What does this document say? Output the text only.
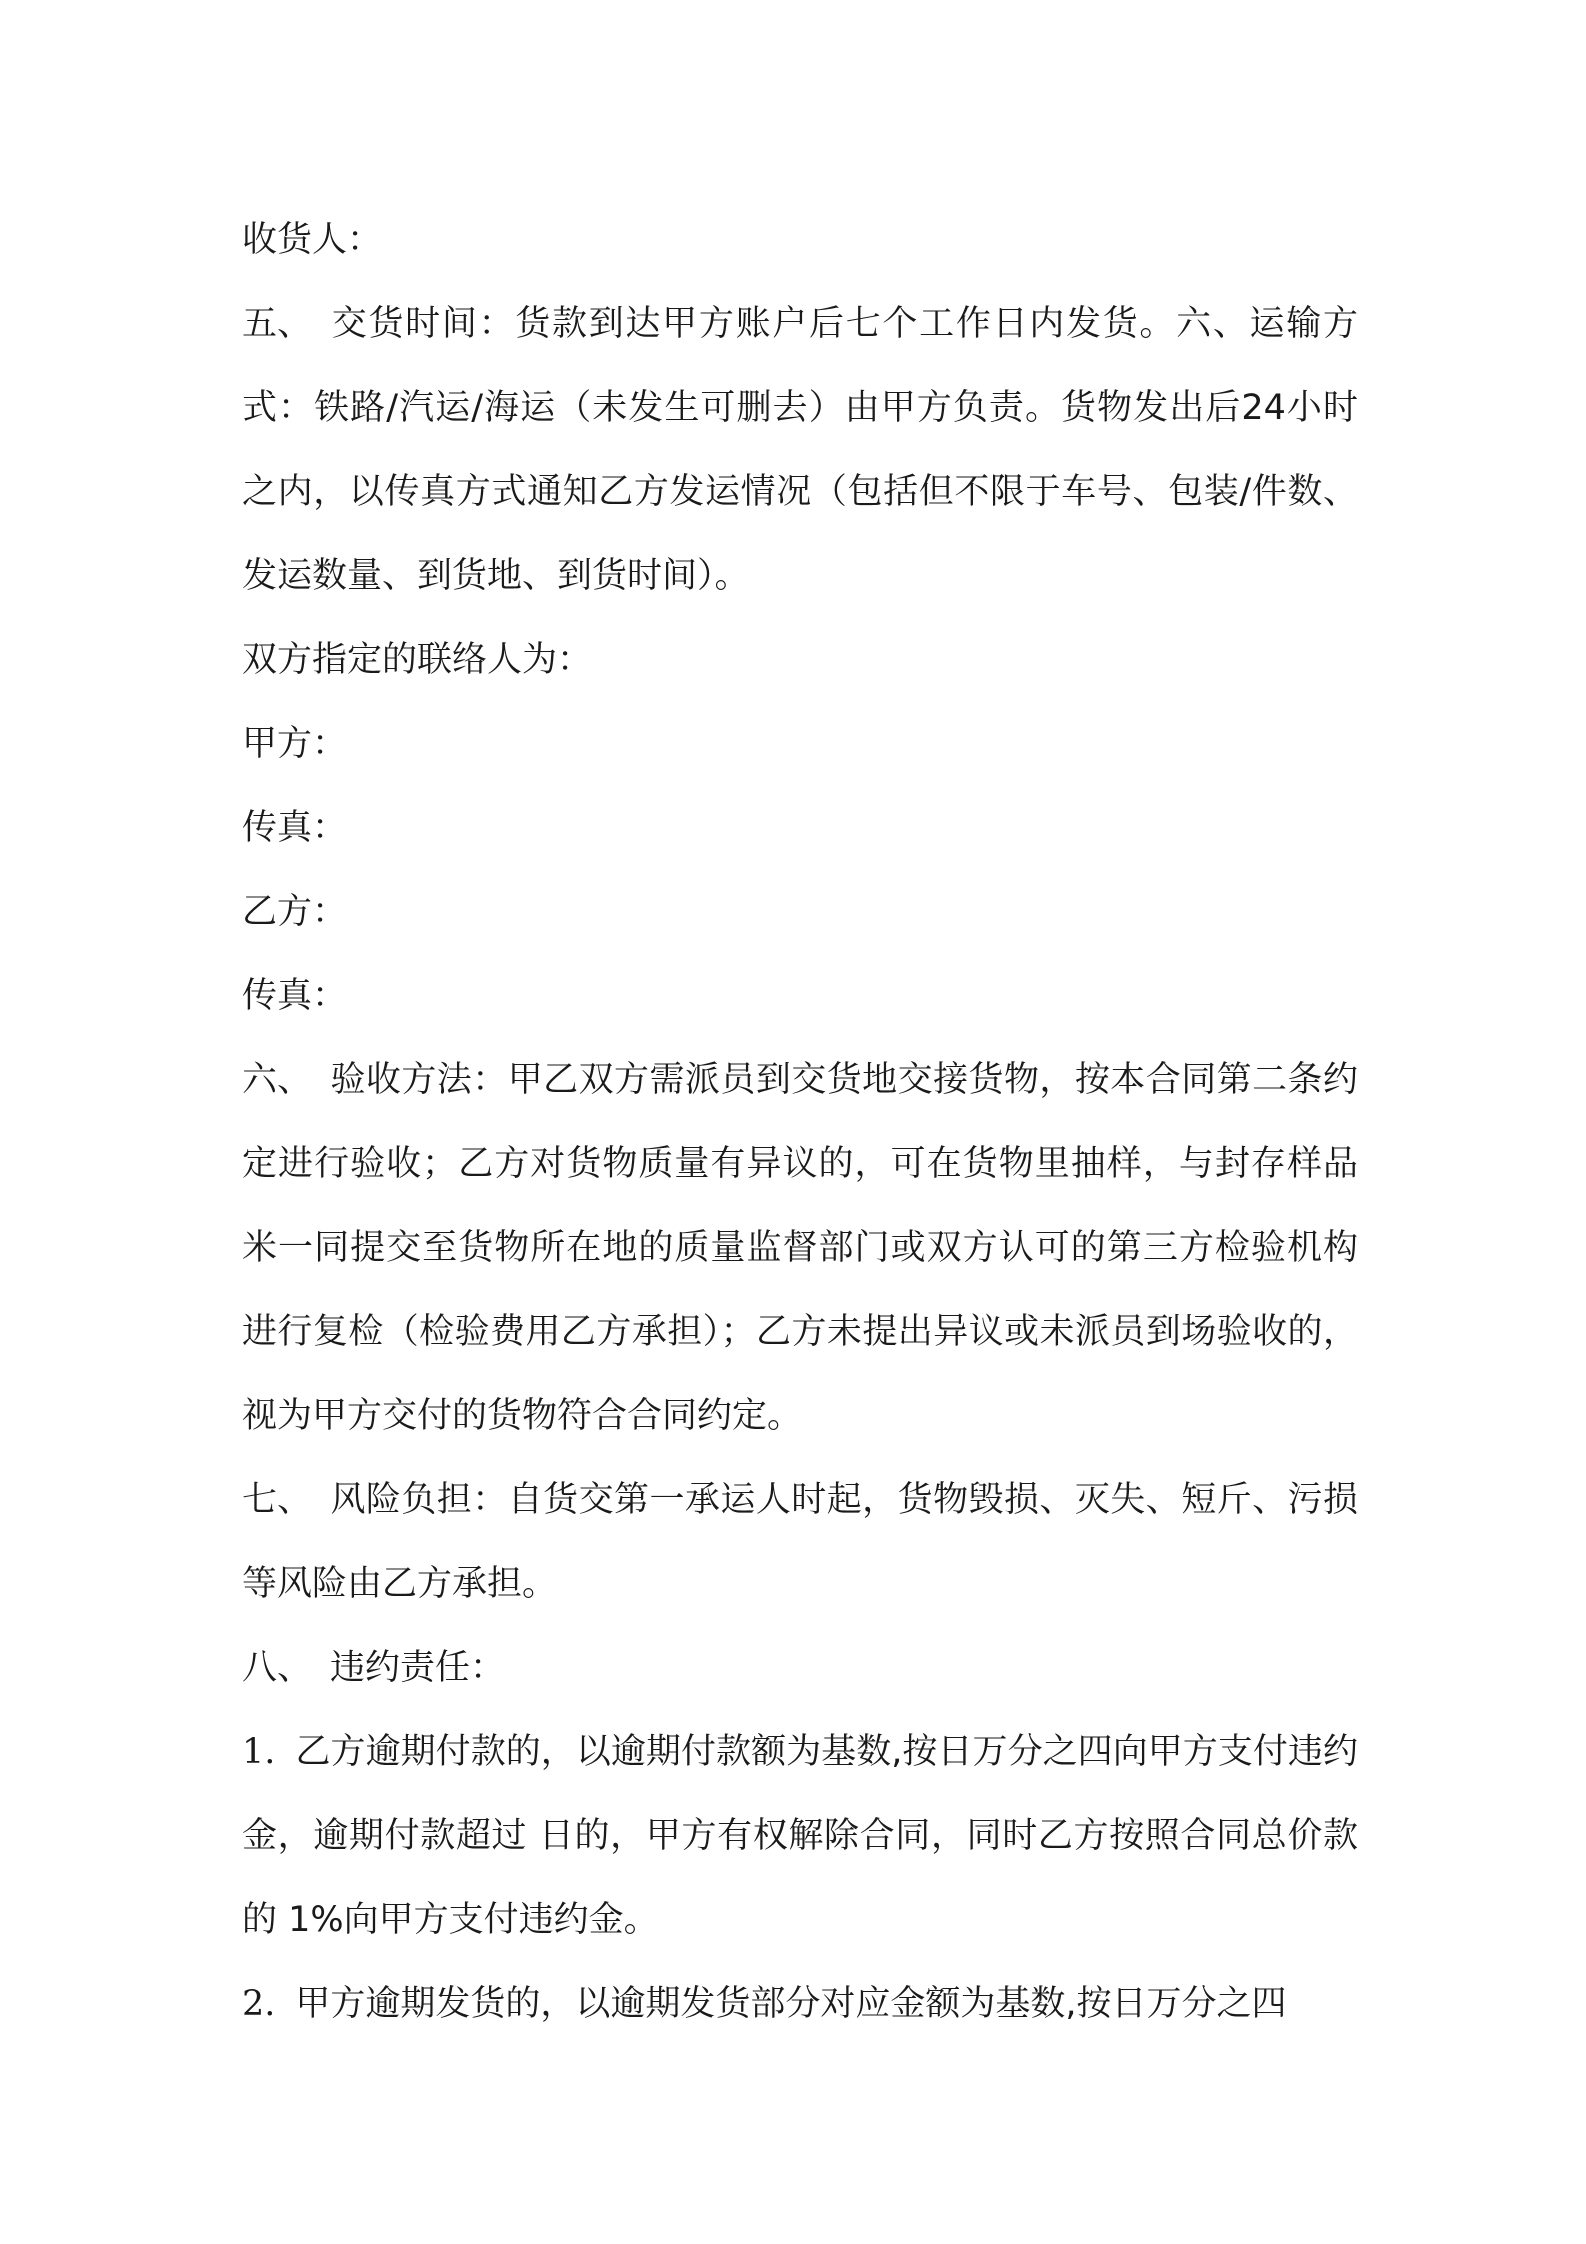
收货人：

五、 交货时间：货款到达甲方账户后七个工作日内发货。六、运输方式：铁路/汽运/海运（未发生可删去）由甲方负责。货物发出后24小时之内，以传真方式通知乙方发运情况（包括但不限于车号、包装/件数、发运数量、到货地、到货时间）。

双方指定的联络人为：

甲方：

传真：

乙方：

传真：

六、 验收方法：甲乙双方需派员到交货地交接货物，按本合同第二条约定进行验收；乙方对货物质量有异议的，可在货物里抽样，与封存样品米一同提交至货物所在地的质量监督部门或双方认可的第三方检验机构进行复检（检验费用乙方承担）；乙方未提出异议或未派员到场验收的，视为甲方交付的货物符合合同约定。

七、 风险负担：自货交第一承运人时起，货物毁损、灭失、短斤、污损等风险由乙方承担。

八、 违约责任：

1. 乙方逾期付款的，以逾期付款额为基数,按日万分之四向甲方支付违约金，逾期付款超过 日的，甲方有权解除合同，同时乙方按照合同总价款的 1%向甲方支付违约金。

2. 甲方逾期发货的，以逾期发货部分对应金额为基数,按日万分之四
